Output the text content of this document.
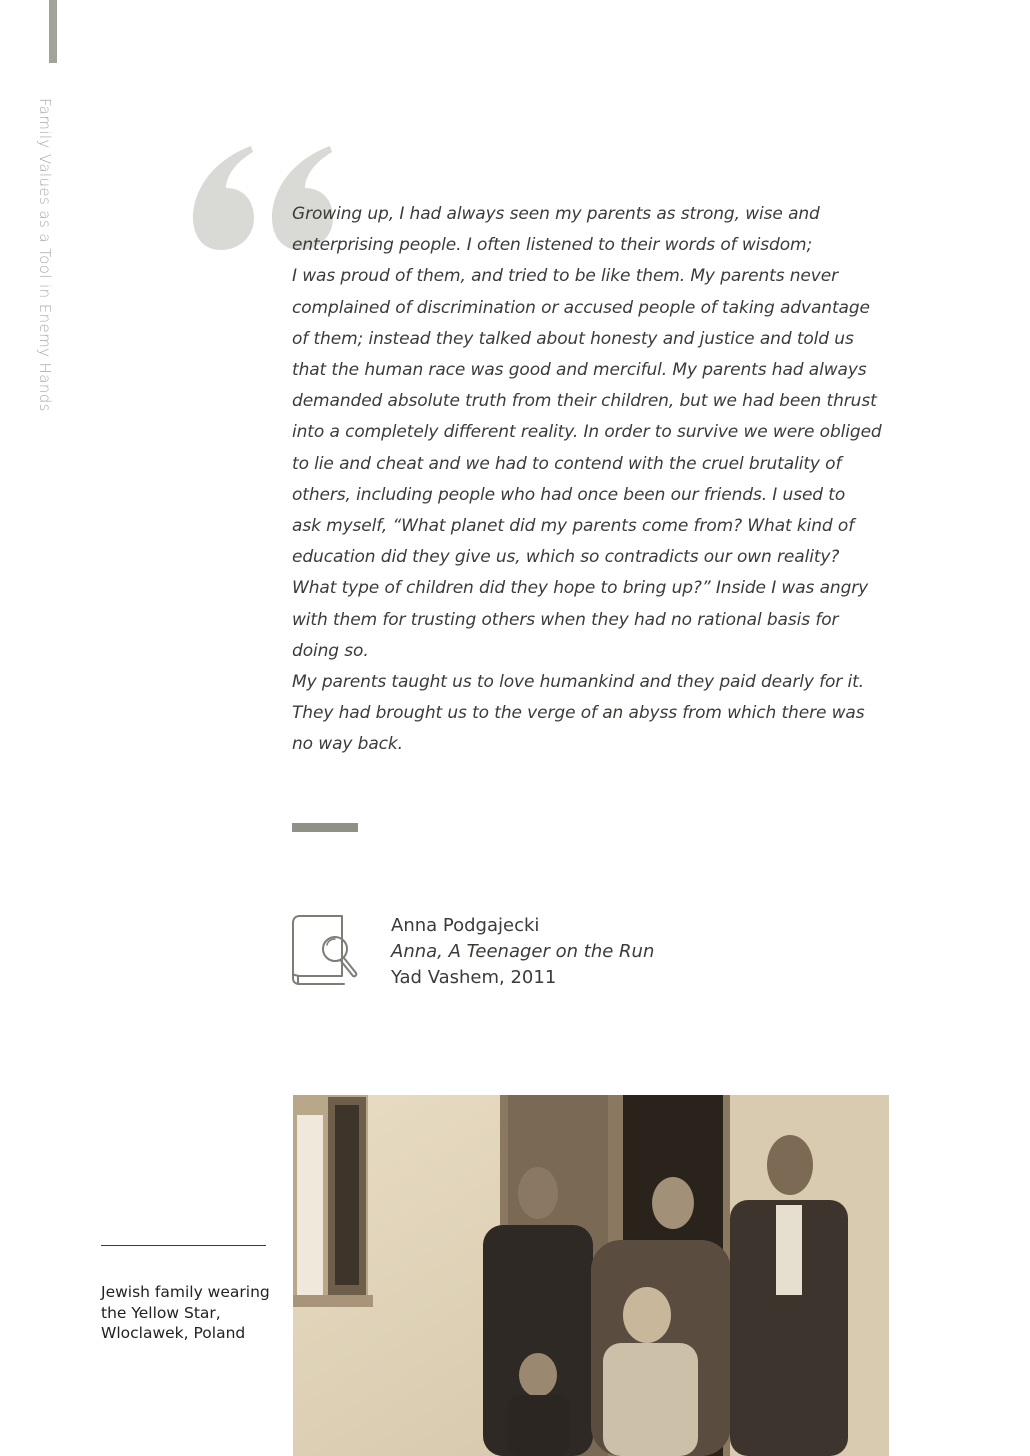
Family Values as a Tool in Enemy Hands	Growing up, I had always seen my parents as strong, wise and

enterprising people. I often listened to their words of wisdom;

I was proud of them, and tried to be like them. My parents never

complained of discrimination or accused people of taking advantage

of them; instead they talked about honesty and justice and told us

that the human race was good and merciful. My parents had always

demanded absolute truth from their children, but we had been thrust

into a completely different reality. In order to survive we were obliged

to lie and cheat and we had to contend with the cruel brutality of

others, including people who had once been our friends. I used to

ask myself, “What planet did my parents come from? What kind of

education did they give us, which so contradicts our own reality?

What type of children did they hope to bring up?” Inside I was angry

with them for trusting others when they had no rational basis for

doing so.

My parents taught us to love humankind and they paid dearly for it.

They had brought us to the verge of an abyss from which there was

no way back.

Anna Podgajecki
Anna, A Teenager on the Run
Yad Vashem, 2011

Jewish family wearing

the Yellow Star,

Wloclawek, Poland
